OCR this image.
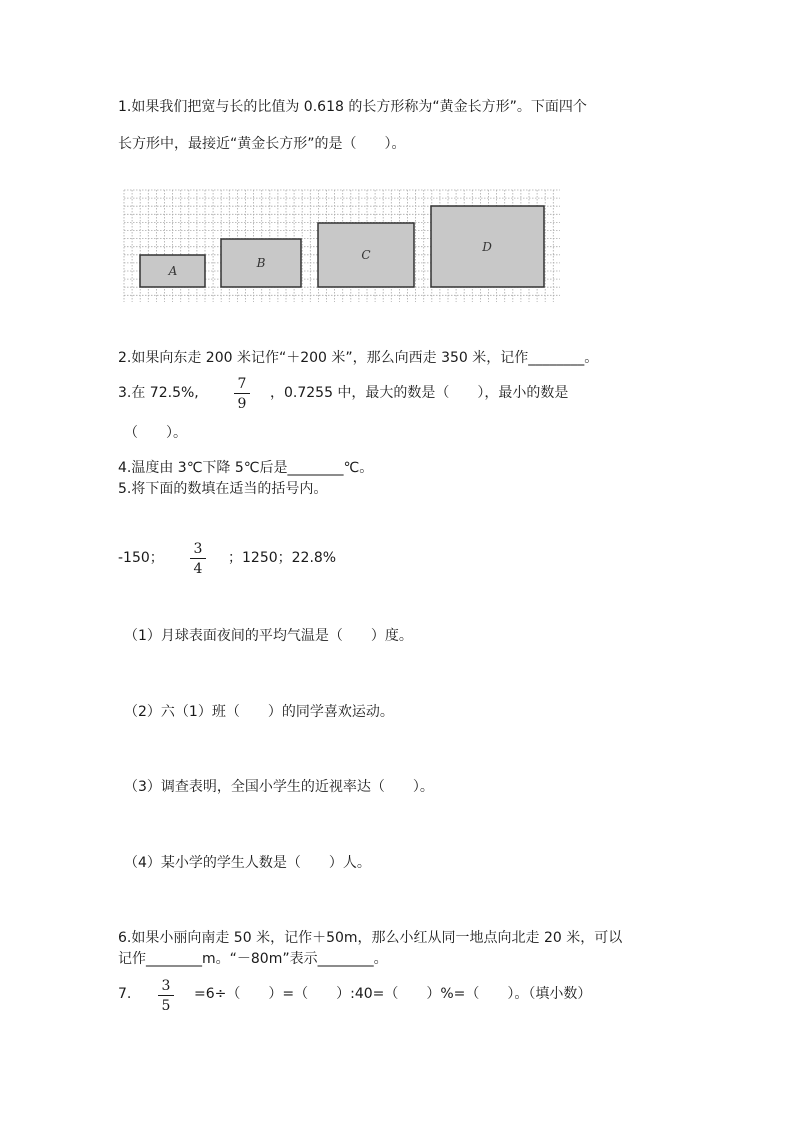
1.如果我们把宽与长的比值为 0.618 的长方形称为“黄金长方形”。下面四个
长方形中，最接近“黄金长方形”的是（　　）。
A
B
C
D
2.如果向东走 200 米记作“＋200 米”，那么向西走 350 米，记作________。
3.在 72.5%,
7
9
，0.7255 中，最大的数是（　　），最小的数是
（　　）。
4.温度由 3℃下降 5℃后是________℃。
5.将下面的数填在适当的括号内。
-150；
3
4
；1250；22.8%
（1）月球表面夜间的平均气温是（　　）度。
（2）六（1）班（　　）的同学喜欢运动。
（3）调查表明，全国小学生的近视率达（　　）。
（4）某小学的学生人数是（　　）人。
6.如果小丽向南走 50 米，记作＋50m，那么小红从同一地点向北走 20 米，可以
记作________m。“－80m”表示________。
7. 3
5
=6÷（　　）=（　　）:40=（　　）%=（　　）。（填小数）
